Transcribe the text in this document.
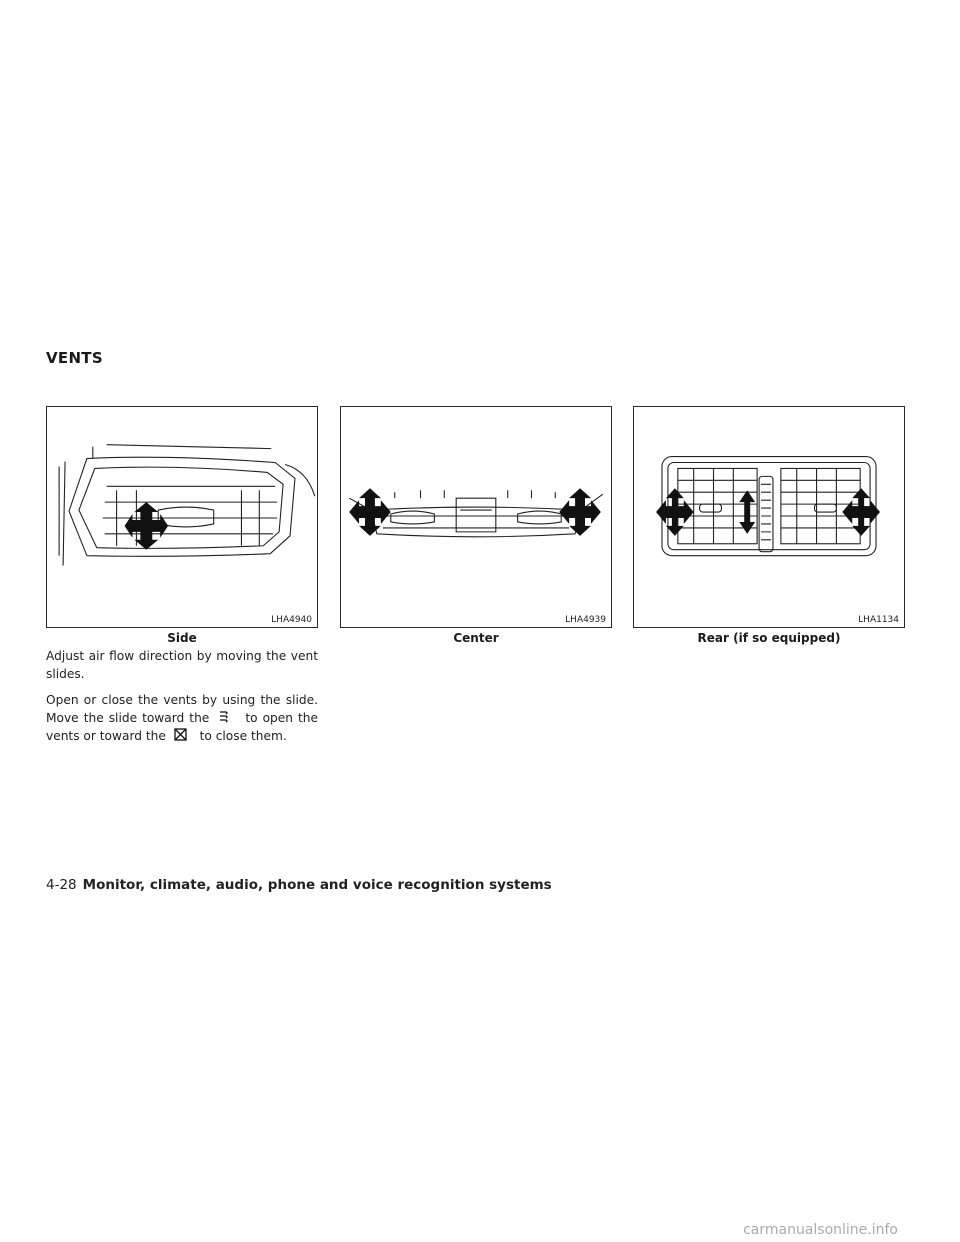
VENTS
LHA4940
Side
LHA4939
Center
LHA1134
Rear (if so equipped)

Adjust air flow direction by moving the vent slides.

Open or close the vents by using the slide. Move the slide toward the	to open the vents or toward the	to close them.

4-28 Monitor, climate, audio, phone and voice recognition systems
carmanualsonline.info
